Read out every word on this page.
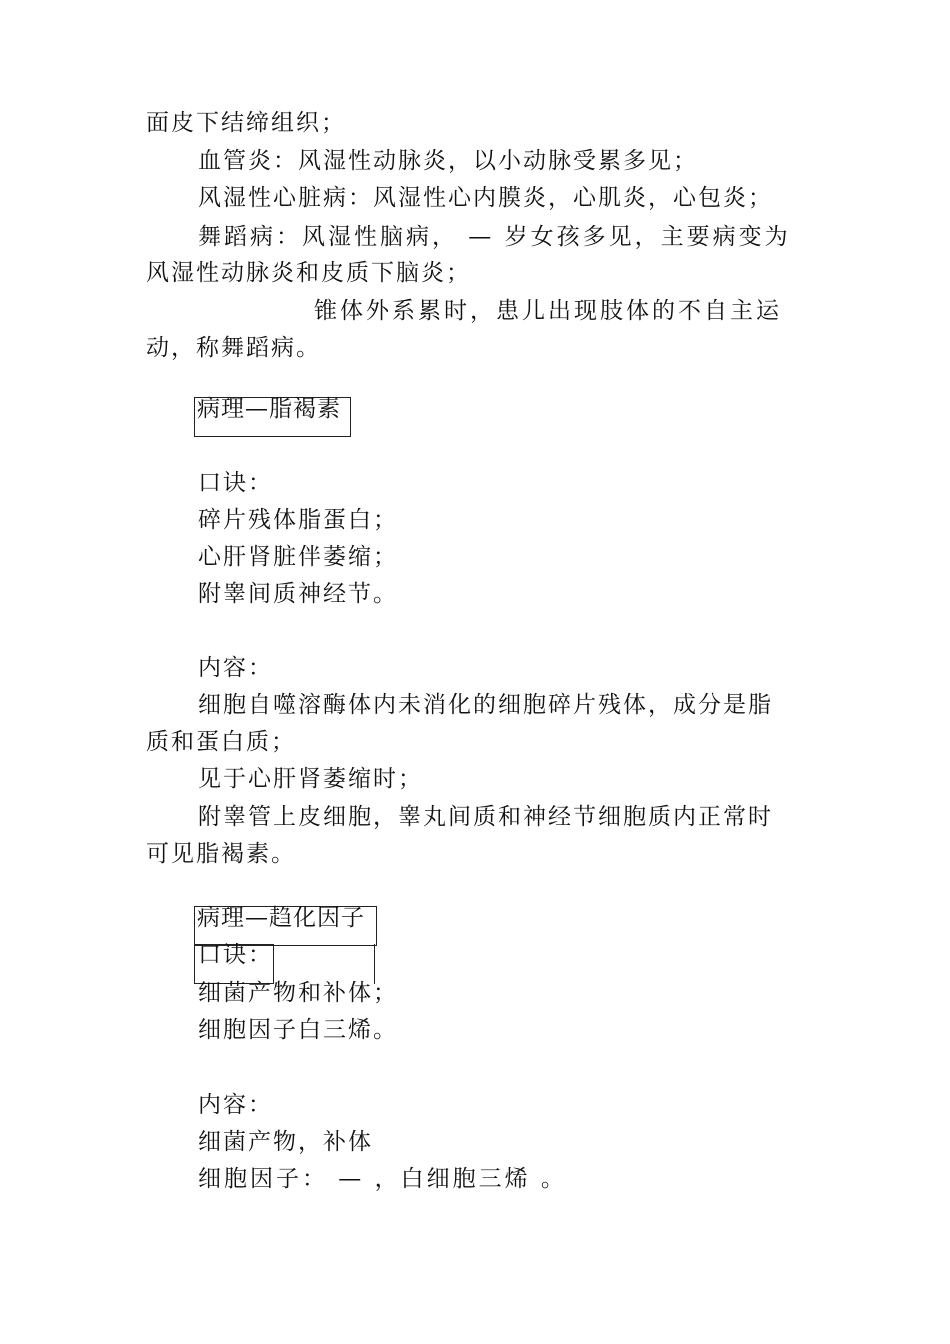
面皮下结缔组织；
血管炎：风湿性动脉炎，以小动脉受累多见；
风湿性心脏病：风湿性心内膜炎，心肌炎，心包炎；
舞蹈病：风湿性脑病， — 岁女孩多见，主要病变为
风湿性动脉炎和皮质下脑炎；
锥体外系累时，患儿出现肢体的不自主运
动，称舞蹈病。
病理—脂褐素
口诀：
碎片残体脂蛋白；
心肝肾脏伴萎缩；
附睾间质神经节。
内容：
细胞自噬溶酶体内未消化的细胞碎片残体，成分是脂
质和蛋白质；
见于心肝肾萎缩时；
附睾管上皮细胞，睾丸间质和神经节细胞质内正常时
可见脂褐素。
病理—趋化因子
口诀：
细菌产物和补体；
细胞因子白三烯。
内容：
细菌产物，补体
细胞因子： — ，白细胞三烯 。
